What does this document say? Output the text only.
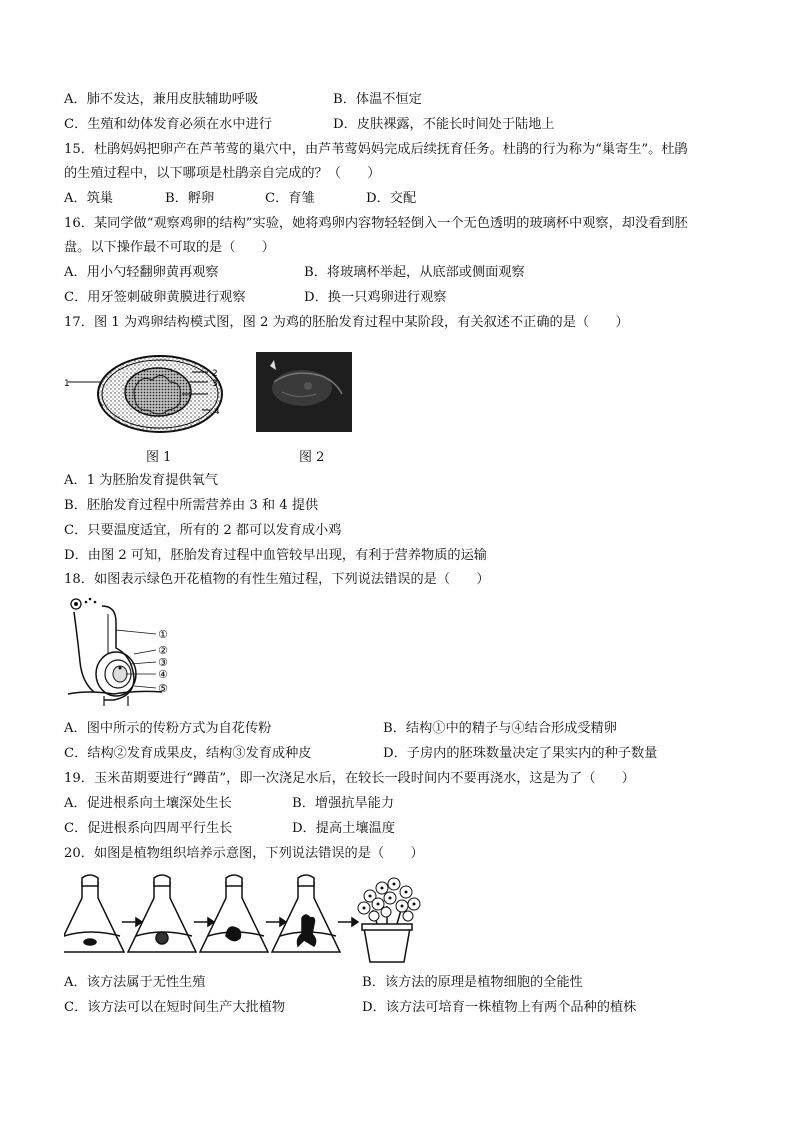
A．肺不发达，兼用皮肤辅助呼吸	B．体温不恒定
C．生殖和幼体发育必须在水中进行	D．皮肤裸露，不能长时间处于陆地上
15．杜鹃妈妈把卵产在芦苇莺的巢穴中，由芦苇莺妈妈完成后续抚育任务。杜鹃的行为称为“巢寄生”。杜鹃
的生殖过程中，以下哪项是杜鹃亲自完成的？（　　）
A．筑巢	B．孵卵	C．育雏	D．交配
16．某同学做“观察鸡卵的结构”实验，她将鸡卵内容物轻轻倒入一个无色透明的玻璃杯中观察，却没看到胚
盘。以下操作最不可取的是（　　）
A．用小勺轻翻卵黄再观察	B．将玻璃杯举起，从底部或侧面观察
C．用牙签刺破卵黄膜进行观察	D．换一只鸡卵进行观察
17．图 1 为鸡卵结构模式图，图 2 为鸡的胚胎发育过程中某阶段，有关叙述不正确的是（　　）
1
2
3
4
图 1	图 2
A．1 为胚胎发育提供氧气
B．胚胎发育过程中所需营养由 3 和 4 提供
C．只要温度适宜，所有的 2 都可以发育成小鸡
D．由图 2 可知，胚胎发育过程中血管较早出现，有利于营养物质的运输
18．如图表示绿色开花植物的有性生殖过程，下列说法错误的是（　　）
①
②
③
④
⑤
A．图中所示的传粉方式为自花传粉	B．结构①中的精子与④结合形成受精卵
C．结构②发育成果皮，结构③发育成种皮	D．子房内的胚珠数量决定了果实内的种子数量
19．玉米苗期要进行“蹲苗”，即一次浇足水后，在较长一段时间内不要再浇水，这是为了（　　）
A．促进根系向土壤深处生长	B．增强抗旱能力
C．促进根系向四周平行生长	D．提高土壤温度
20．如图是植物组织培养示意图，下列说法错误的是（　　）
A．该方法属于无性生殖	B．该方法的原理是植物细胞的全能性
C．该方法可以在短时间生产大批植物	D．该方法可培育一株植物上有两个品种的植株
